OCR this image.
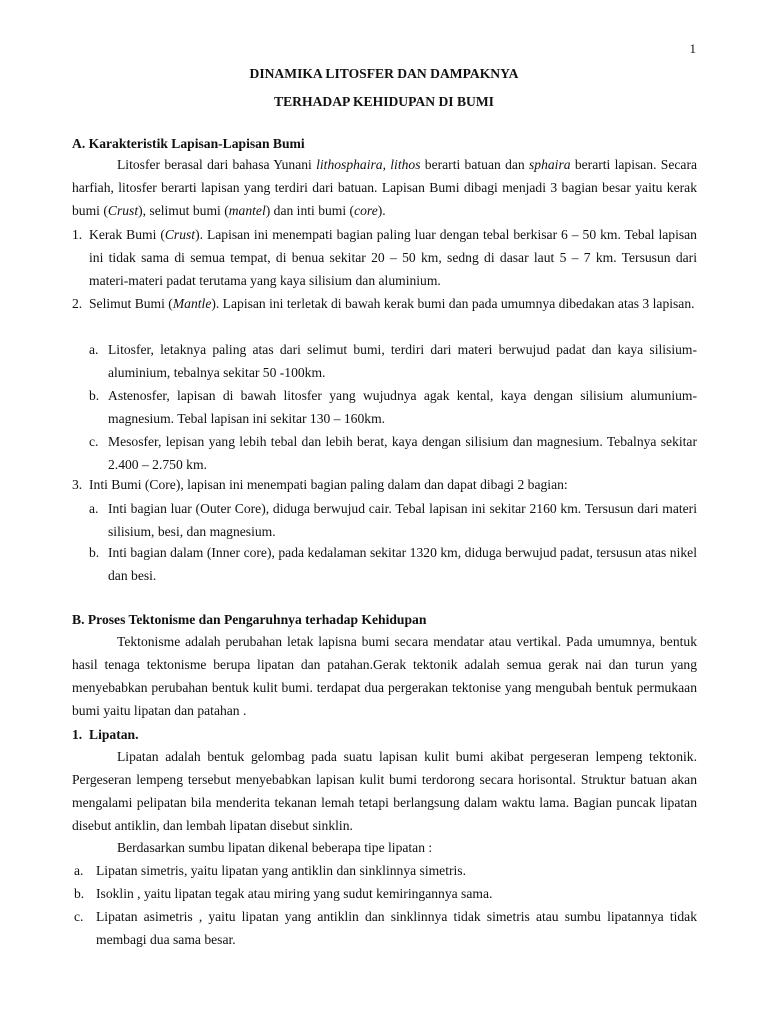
1
DINAMIKA LITOSFER DAN DAMPAKNYA
TERHADAP KEHIDUPAN DI BUMI
A. Karakteristik Lapisan-Lapisan Bumi
Litosfer berasal dari bahasa Yunani lithosphaira, lithos berarti batuan dan sphaira berarti lapisan. Secara harfiah, litosfer berarti lapisan yang terdiri dari batuan. Lapisan Bumi dibagi menjadi 3 bagian besar yaitu kerak bumi (Crust), selimut bumi (mantel) dan inti bumi (core).
1. Kerak Bumi (Crust). Lapisan ini menempati bagian paling luar dengan tebal berkisar 6 – 50 km. Tebal lapisan ini tidak sama di semua tempat, di benua sekitar 20 – 50 km, sedng di dasar laut 5 – 7 km. Tersusun dari materi-materi padat terutama yang kaya silisium dan aluminium.
2. Selimut Bumi (Mantle). Lapisan ini terletak di bawah kerak bumi dan pada umumnya dibedakan atas 3 lapisan.
a. Litosfer, letaknya paling atas dari selimut bumi, terdiri dari materi berwujud padat dan kaya silisium-aluminium, tebalnya sekitar 50 -100km.
b. Astenosfer, lapisan di bawah litosfer yang wujudnya agak kental, kaya dengan silisium alumunium- magnesium. Tebal lapisan ini sekitar 130 – 160km.
c. Mesosfer, lepisan yang lebih tebal dan lebih berat, kaya dengan silisium dan magnesium. Tebalnya sekitar 2.400 – 2.750 km.
3. Inti Bumi (Core), lapisan ini menempati bagian paling dalam dan dapat dibagi 2 bagian:
a. Inti bagian luar (Outer Core), diduga berwujud cair. Tebal lapisan ini sekitar 2160 km. Tersusun dari materi silisium, besi, dan magnesium.
b. Inti bagian dalam (Inner core), pada kedalaman sekitar 1320 km, diduga berwujud padat, tersusun atas nikel dan besi.
B. Proses Tektonisme dan Pengaruhnya terhadap Kehidupan
Tektonisme adalah perubahan letak lapisna bumi secara mendatar atau vertikal. Pada umumnya, bentuk hasil tenaga tektonisme berupa lipatan dan patahan.Gerak tektonik adalah semua gerak nai dan turun yang menyebabkan perubahan bentuk kulit bumi. terdapat dua pergerakan tektonise yang mengubah bentuk permukaan bumi yaitu lipatan dan patahan .
1. Lipatan.
Lipatan adalah bentuk gelombag pada suatu lapisan kulit bumi akibat pergeseran lempeng tektonik. Pergeseran lempeng tersebut menyebabkan lapisan kulit bumi terdorong secara horisontal. Struktur batuan akan mengalami pelipatan bila menderita tekanan lemah tetapi berlangsung dalam waktu lama. Bagian puncak lipatan disebut antiklin, dan lembah lipatan disebut sinklin.
Berdasarkan sumbu lipatan dikenal beberapa tipe lipatan :
a. Lipatan simetris, yaitu lipatan yang antiklin dan sinklinnya simetris.
b. Isoklin , yaitu lipatan tegak atau miring yang sudut kemiringannya sama.
c. Lipatan asimetris , yaitu lipatan yang antiklin dan sinklinnya tidak simetris atau sumbu lipatannya tidak membagi dua sama besar.
